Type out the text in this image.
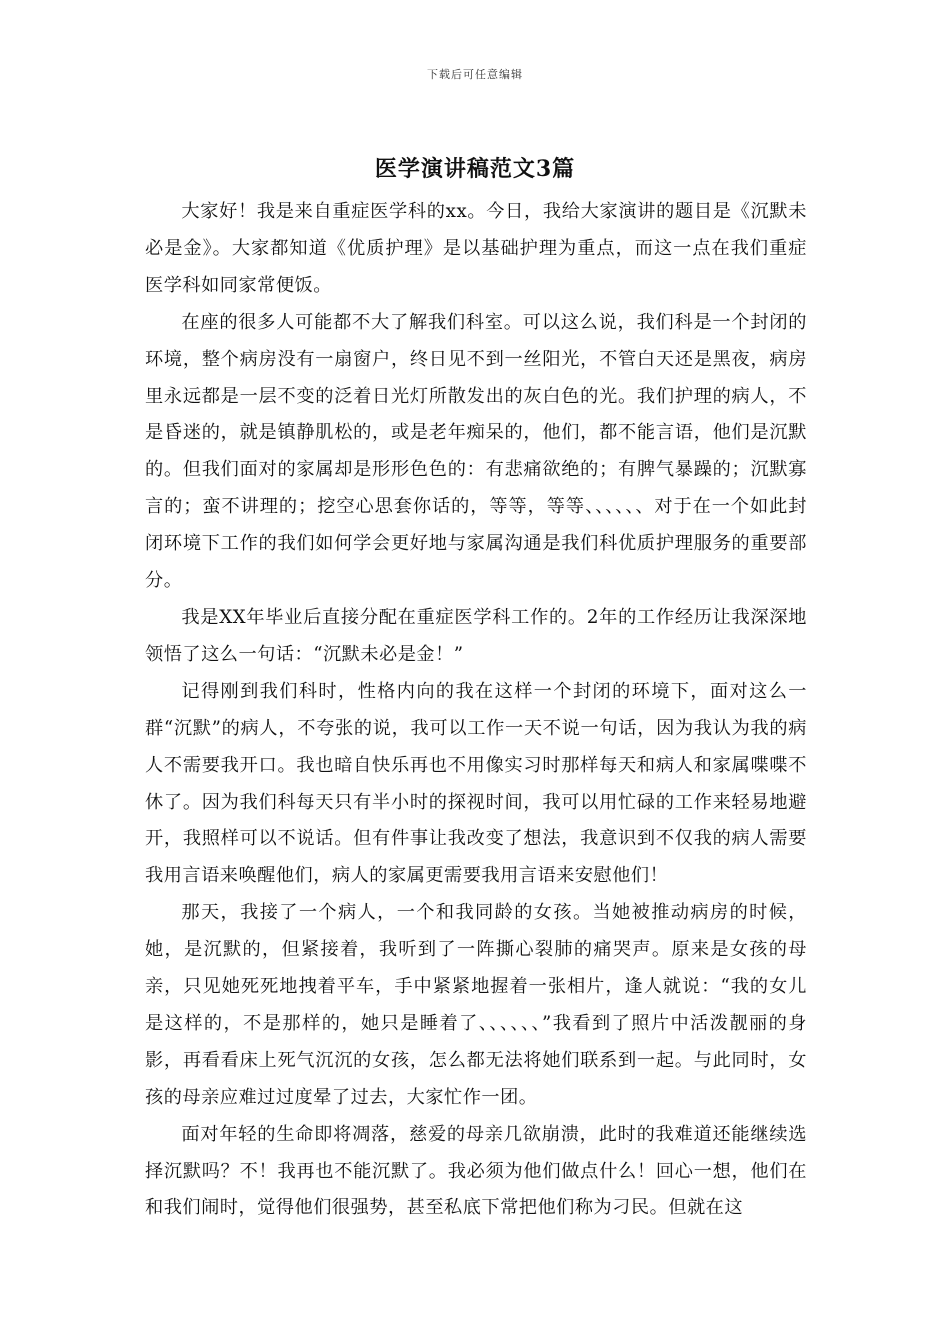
下载后可任意编辑
医学演讲稿范文3篇

大家好！我是来自重症医学科的xx。今日，我给大家演讲的题目是《沉默未必是金》。大家都知道《优质护理》是以基础护理为重点，而这一点在我们重症医学科如同家常便饭。

在座的很多人可能都不大了解我们科室。可以这么说，我们科是一个封闭的环境，整个病房没有一扇窗户，终日见不到一丝阳光，不管白天还是黑夜，病房里永远都是一层不变的泛着日光灯所散发出的灰白色的光。我们护理的病人，不是昏迷的，就是镇静肌松的，或是老年痴呆的，他们，都不能言语，他们是沉默的。但我们面对的家属却是形形色色的：有悲痛欲绝的；有脾气暴躁的；沉默寡言的；蛮不讲理的；挖空心思套你话的，等等，等等、、、、、、对于在一个如此封闭环境下工作的我们如何学会更好地与家属沟通是我们科优质护理服务的重要部分。

我是XX年毕业后直接分配在重症医学科工作的。2年的工作经历让我深深地领悟了这么一句话：“沉默未必是金！”

记得刚到我们科时，性格内向的我在这样一个封闭的环境下，面对这么一群“沉默”的病人，不夸张的说，我可以工作一天不说一句话，因为我认为我的病人不需要我开口。我也暗自快乐再也不用像实习时那样每天和病人和家属喋喋不休了。因为我们科每天只有半小时的探视时间，我可以用忙碌的工作来轻易地避开，我照样可以不说话。但有件事让我改变了想法，我意识到不仅我的病人需要我用言语来唤醒他们，病人的家属更需要我用言语来安慰他们！

那天，我接了一个病人，一个和我同龄的女孩。当她被推动病房的时候，她，是沉默的，但紧接着，我听到了一阵撕心裂肺的痛哭声。原来是女孩的母亲，只见她死死地拽着平车，手中紧紧地握着一张相片，逢人就说：“我的女儿是这样的，不是那样的，她只是睡着了、、、、、、”我看到了照片中活泼靓丽的身影，再看看床上死气沉沉的女孩，怎么都无法将她们联系到一起。与此同时，女孩的母亲应难过过度晕了过去，大家忙作一团。

面对年轻的生命即将凋落，慈爱的母亲几欲崩溃，此时的我难道还能继续选择沉默吗？不！我再也不能沉默了。我必须为他们做点什么！回心一想，他们在和我们闹时，觉得他们很强势，甚至私底下常把他们称为刁民。但就在这
